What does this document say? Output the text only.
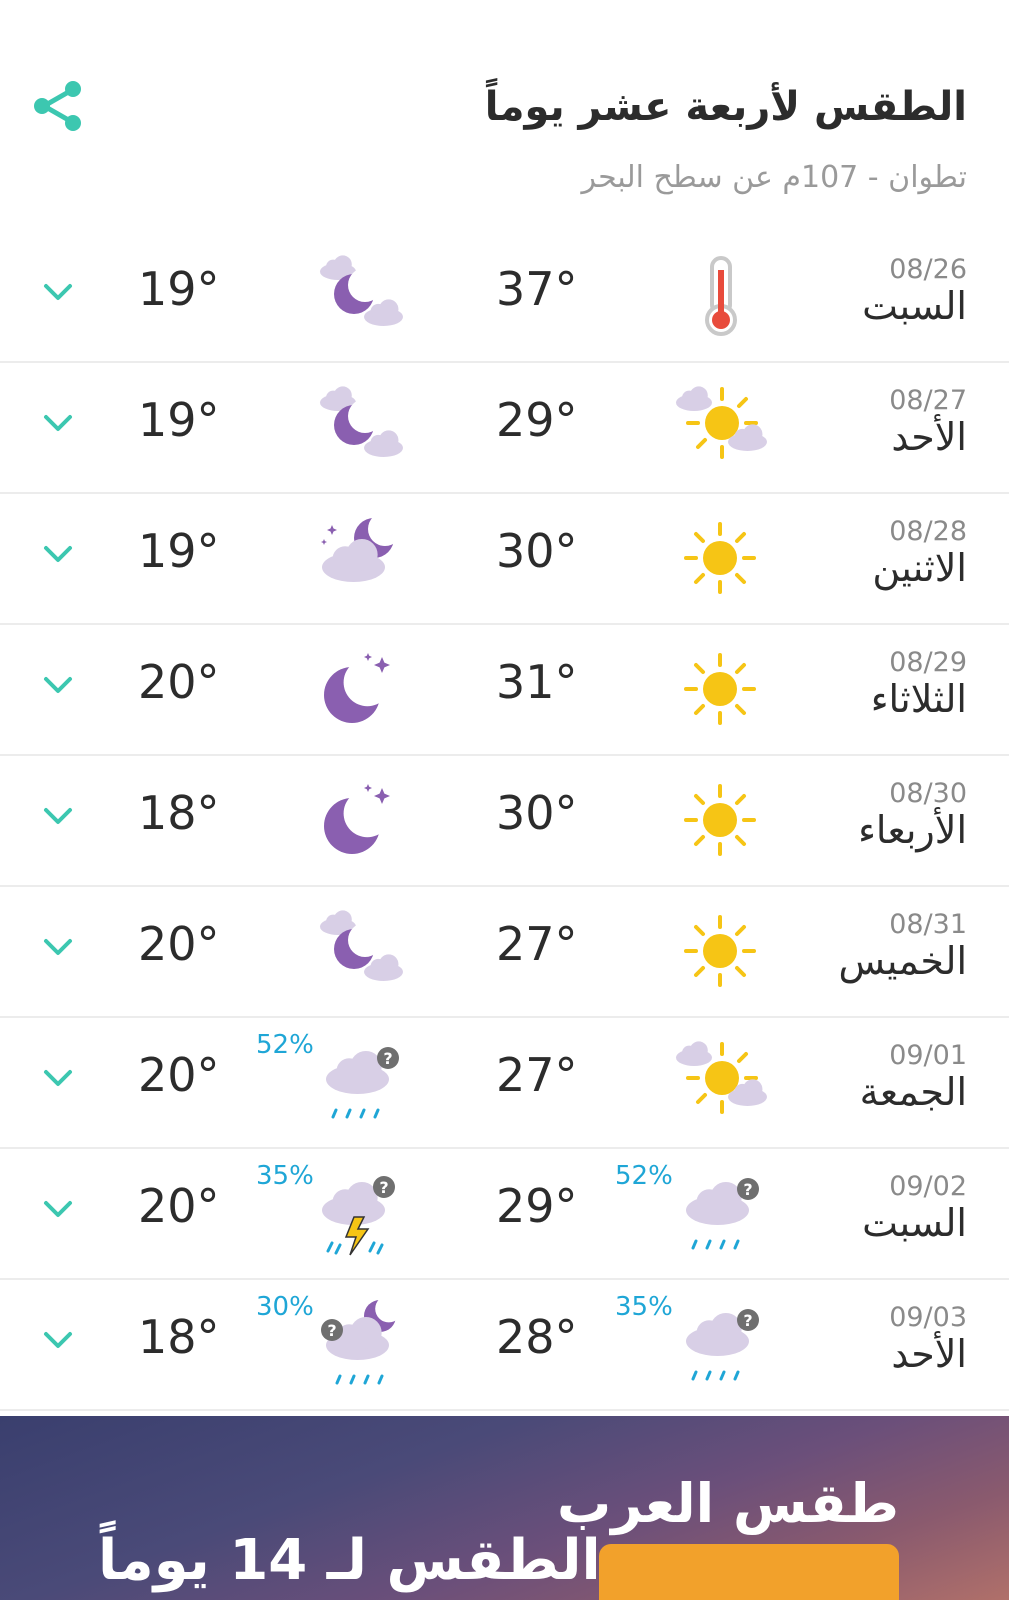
الطقس لأربعة عشر يوماً
تطوان - 107م عن سطح البحر
08/26
السبت
37°
19°
08/27
الأحد
29°
19°
08/28
الاثنين
30°
19°
08/29
الثلاثاء
31°
20°
08/30
الأربعاء
30°
18°
08/31
الخميس
27°
20°
09/01
الجمعة
27°
?
52%
20°
09/02
السبت
?
52%
29°
?
35%
20°
09/03
الأحد
?
35%
28°
?
30%
18°
طقس العرب
الطقس لـ 14 يوماً
